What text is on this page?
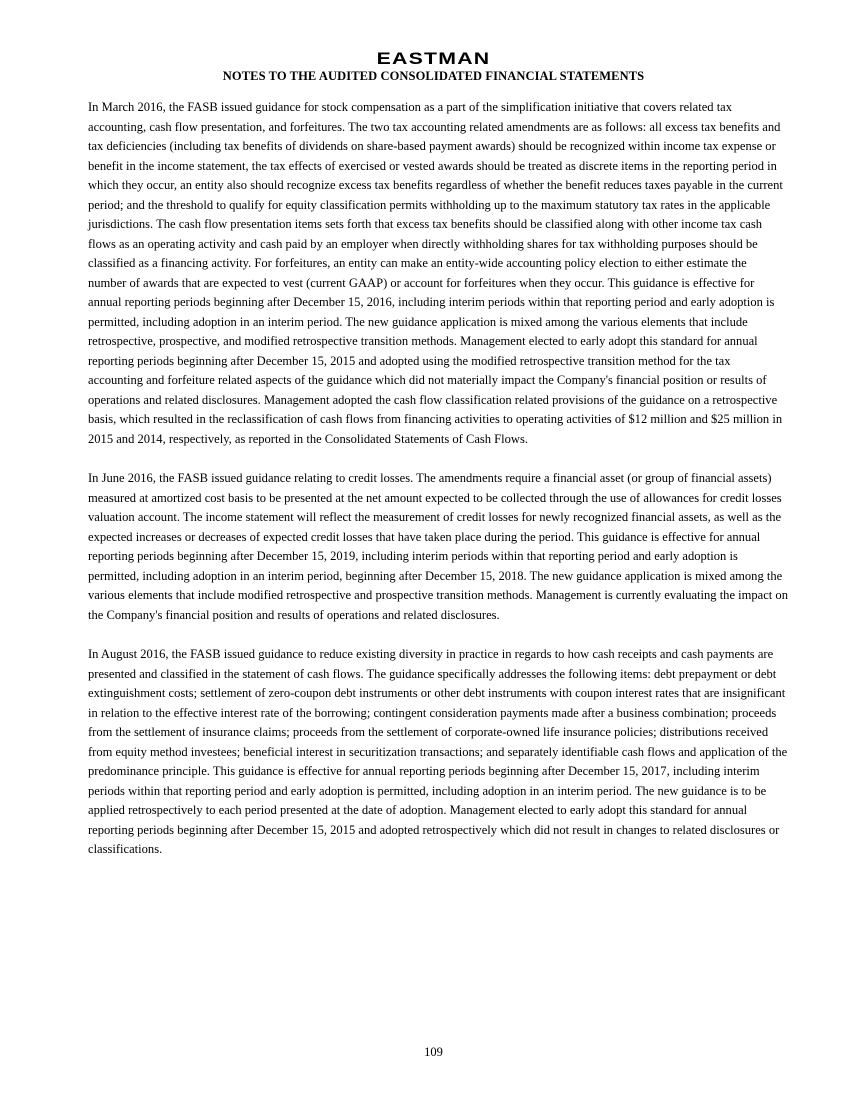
EASTMAN
NOTES TO THE AUDITED CONSOLIDATED FINANCIAL STATEMENTS

In March 2016, the FASB issued guidance for stock compensation as a part of the simplification initiative that covers related tax accounting, cash flow presentation, and forfeitures. The two tax accounting related amendments are as follows: all excess tax benefits and tax deficiencies (including tax benefits of dividends on share-based payment awards) should be recognized within income tax expense or benefit in the income statement, the tax effects of exercised or vested awards should be treated as discrete items in the reporting period in which they occur, an entity also should recognize excess tax benefits regardless of whether the benefit reduces taxes payable in the current period; and the threshold to qualify for equity classification permits withholding up to the maximum statutory tax rates in the applicable jurisdictions. The cash flow presentation items sets forth that excess tax benefits should be classified along with other income tax cash flows as an operating activity and cash paid by an employer when directly withholding shares for tax withholding purposes should be classified as a financing activity. For forfeitures, an entity can make an entity-wide accounting policy election to either estimate the number of awards that are expected to vest (current GAAP) or account for forfeitures when they occur. This guidance is effective for annual reporting periods beginning after December 15, 2016, including interim periods within that reporting period and early adoption is permitted, including adoption in an interim period. The new guidance application is mixed among the various elements that include retrospective, prospective, and modified retrospective transition methods. Management elected to early adopt this standard for annual reporting periods beginning after December 15, 2015 and adopted using the modified retrospective transition method for the tax accounting and forfeiture related aspects of the guidance which did not materially impact the Company's financial position or results of operations and related disclosures. Management adopted the cash flow classification related provisions of the guidance on a retrospective basis, which resulted in the reclassification of cash flows from financing activities to operating activities of $12 million and $25 million in 2015 and 2014, respectively, as reported in the Consolidated Statements of Cash Flows.

In June 2016, the FASB issued guidance relating to credit losses. The amendments require a financial asset (or group of financial assets) measured at amortized cost basis to be presented at the net amount expected to be collected through the use of allowances for credit losses valuation account. The income statement will reflect the measurement of credit losses for newly recognized financial assets, as well as the expected increases or decreases of expected credit losses that have taken place during the period. This guidance is effective for annual reporting periods beginning after December 15, 2019, including interim periods within that reporting period and early adoption is permitted, including adoption in an interim period, beginning after December 15, 2018. The new guidance application is mixed among the various elements that include modified retrospective and prospective transition methods. Management is currently evaluating the impact on the Company's financial position and results of operations and related disclosures.

In August 2016, the FASB issued guidance to reduce existing diversity in practice in regards to how cash receipts and cash payments are presented and classified in the statement of cash flows. The guidance specifically addresses the following items: debt prepayment or debt extinguishment costs; settlement of zero-coupon debt instruments or other debt instruments with coupon interest rates that are insignificant in relation to the effective interest rate of the borrowing; contingent consideration payments made after a business combination; proceeds from the settlement of insurance claims; proceeds from the settlement of corporate-owned life insurance policies; distributions received from equity method investees; beneficial interest in securitization transactions; and separately identifiable cash flows and application of the predominance principle. This guidance is effective for annual reporting periods beginning after December 15, 2017, including interim periods within that reporting period and early adoption is permitted, including adoption in an interim period. The new guidance is to be applied retrospectively to each period presented at the date of adoption. Management elected to early adopt this standard for annual reporting periods beginning after December 15, 2015 and adopted retrospectively which did not result in changes to related disclosures or classifications.

109
